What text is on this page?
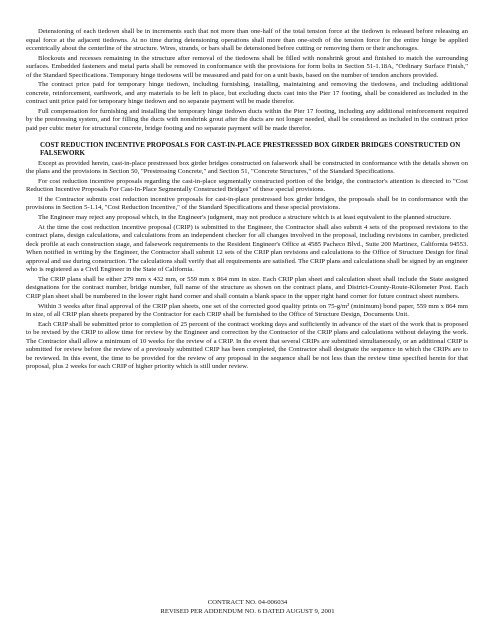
Detensioning of each tiedown shall be in increments such that not more than one-half of the total tension force at the tiedown is released before releasing an equal force at the adjacent tiedowns. At no time during detensioning operations shall more than one-sixth of the tension force for the entire hinge be applied eccentrically about the centerline of the structure. Wires, strands, or bars shall be detensioned before cutting or removing them or their anchorages.

Blockouts and recesses remaining in the structure after removal of the tiedowns shall be filled with nonshrink grout and finished to match the surrounding surfaces. Embedded fasteners and metal parts shall be removed in conformance with the provisions for form bolts in Section 51-1.18A, "Ordinary Surface Finish," of the Standard Specifications. Temporary hinge tiedowns will be measured and paid for on a unit basis, based on the number of tendon anchors provided.

The contract price paid for temporary hinge tiedown, including furnishing, installing, maintaining and removing the tiedowns, and including additional concrete, reinforcement, earthwork, and any materials to be left in place, but excluding ducts cast into the Pier 17 footing, shall be considered as included in the contract unit price paid for temporary hinge tiedown and no separate payment will be made therefor.

Full compensation for furnishing and installing the temporary hinge tiedown ducts within the Pier 17 footing, including any additional reinforcement required by the prestressing system, and for filling the ducts with nonshrink grout after the ducts are not longer needed, shall be considered as included in the contract price paid per cubic meter for structural concrete, bridge footing and no separate payment will be made therefor.

COST REDUCTION INCENTIVE PROPOSALS FOR CAST-IN-PLACE PRESTRESSED BOX GIRDER BRIDGES CONSTRUCTED ON FALSEWORK

Except as provided herein, cast-in-place prestressed box girder bridges constructed on falsework shall be constructed in conformance with the details shown on the plans and the provisions in Section 50, "Prestressing Concrete," and Section 51, "Concrete Structures," of the Standard Specifications.

For cost reduction incentive proposals regarding the cast-in-place segmentally constructed portion of the bridge, the contractor's attention is directed to "Cost Reduction Incentive Proposals For Cast-In-Place Segmentally Constructed Bridges" of these special provisions.

If the Contractor submits cost reduction incentive proposals for cast-in-place prestressed box girder bridges, the proposals shall be in conformance with the provisions in Section 5-1.14, "Cost Reduction Incentive," of the Standard Specifications and these special provisions.

The Engineer may reject any proposal which, in the Engineer's judgment, may not produce a structure which is at least equivalent to the planned structure.

At the time the cost reduction incentive proposal (CRIP) is submitted to the Engineer, the Contractor shall also submit 4 sets of the proposed revisions to the contract plans, design calculations, and calculations from an independent checker for all changes involved in the proposal, including revisions in camber, predicted deck profile at each construction stage, and falsework requirements to the Resident Engineer's Office at 4585 Pacheco Blvd., Suite 200 Martinez, California 94553. When notified in writing by the Engineer, the Contractor shall submit 12 sets of the CRIP plan revisions and calculations to the Office of Structure Design for final approval and use during construction. The calculations shall verify that all requirements are satisfied. The CRIP plans and calculations shall be signed by an engineer who is registered as a Civil Engineer in the State of California.

The CRIP plans shall be either 279 mm x 432 mm, or 559 mm x 864 mm in size. Each CRIP plan sheet and calculation sheet shall include the State assigned designations for the contract number, bridge number, full name of the structure as shown on the contract plans, and District-County-Route-Kilometer Post. Each CRIP plan sheet shall be numbered in the lower right hand corner and shall contain a blank space in the upper right hand corner for future contract sheet numbers.

Within 3 weeks after final approval of the CRIP plan sheets, one set of the corrected good quality prints on 75-g/m² (minimum) bond paper, 559 mm x 864 mm in size, of all CRIP plan sheets prepared by the Contractor for each CRIP shall be furnished to the Office of Structure Design, Documents Unit.

Each CRIP shall be submitted prior to completion of 25 percent of the contract working days and sufficiently in advance of the start of the work that is proposed to be revised by the CRIP to allow time for review by the Engineer and correction by the Contractor of the CRIP plans and calculations without delaying the work. The Contractor shall allow a minimum of 10 weeks for the review of a CRIP. In the event that several CRIPs are submitted simultaneously, or an additional CRIP is submitted for review before the review of a previously submitted CRIP has been completed, the Contractor shall designate the sequence in which the CRIPs are to be reviewed. In this event, the time to be provided for the review of any proposal in the sequence shall be not less than the review time specified herein for that proposal, plus 2 weeks for each CRIP of higher priority which is still under review.

CONTRACT NO. 04-006034
REVISED PER ADDENDUM NO. 6 DATED AUGUST 9, 2001
